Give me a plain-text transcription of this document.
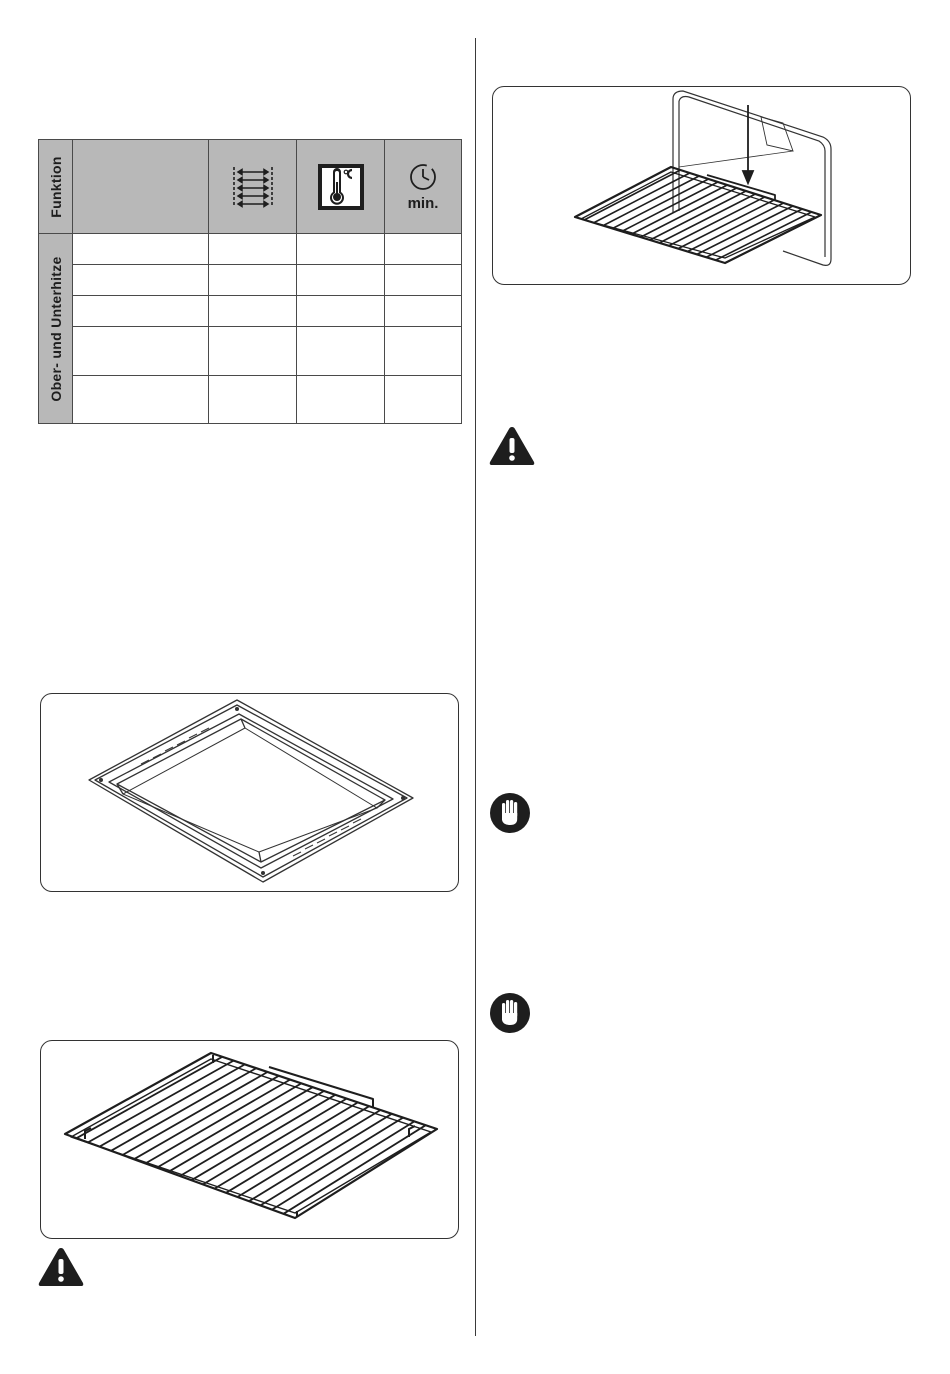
Funktion				min.

Ober- und Unterhitze				
